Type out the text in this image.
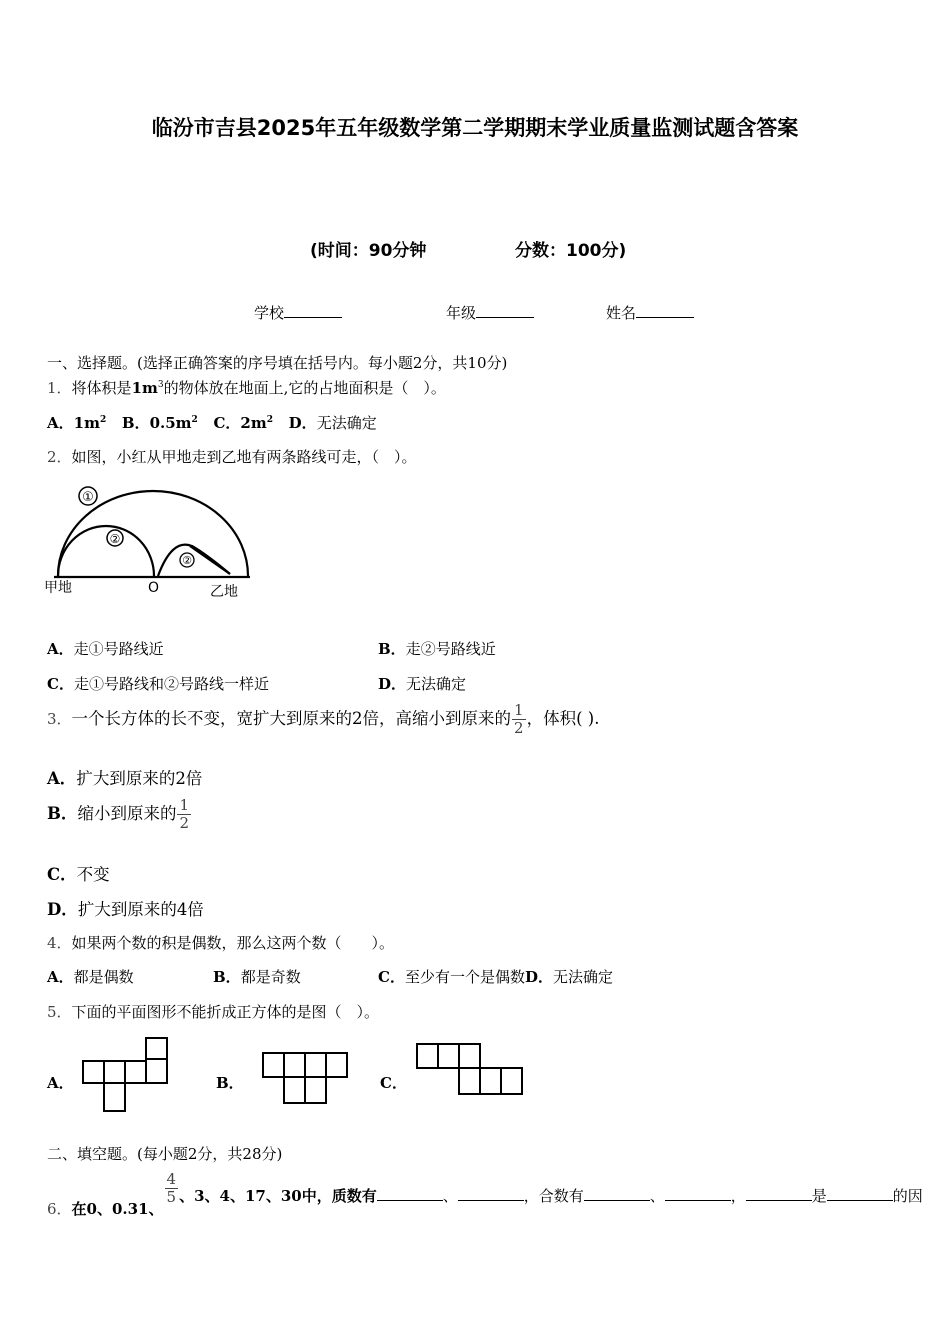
临汾市吉县2025年五年级数学第二学期期末学业质量监测试题含答案
(时间：90分钟	分数：100分)
学校	年级	姓名
一、选择题。(选择正确答案的序号填在括号内。每小题2分，共10分)
1．将体积是$1m^3$的物体放在地面上,它的占地面积是（　）。
A．$1m^2$ B．$0.5m^2$ C．$2m^2$ D．无法确定
2．如图，小红从甲地走到乙地有两条路线可走，（　）。
①
②
②
甲地	O	乙地
A．走①号路线近	B．走②号路线近
C．走①号路线和②号路线一样近	D．无法确定
3．一个长方体的长不变，宽扩大到原来的2倍，高缩小到原来的 $\frac{1}{2}$ ，体积( ).
A．扩大到原来的2倍
B．缩小到原来的 $\frac{1}{2}$
C．不变
D．扩大到原来的4倍
4．如果两个数的积是偶数，那么这两个数（　　）。
A．都是偶数	B．都是奇数	C．至少有一个是偶数D．无法确定
5．下面的平面图形不能折成正方体的是图（　）。
A．	B．	C．
二、填空题。(每小题2分，共28分)
6．在0、0.31、
$\frac{4}{5}$ 、3、4、17、30中，质数有	、	，合数有	、	，	是	的因
